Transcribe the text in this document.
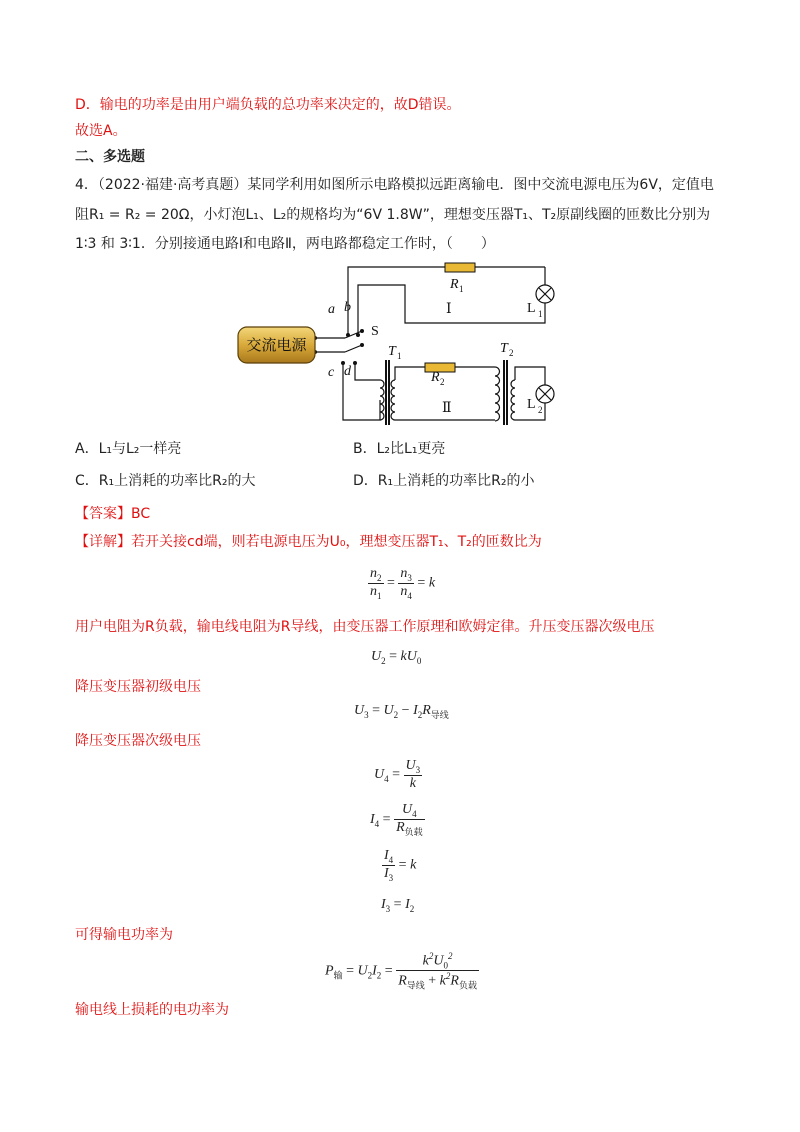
D．输电的功率是由用户端负载的总功率来决定的，故D错误。
故选A。
二、多选题
4．（2022·福建·高考真题）某同学利用如图所示电路模拟远距离输电．图中交流电源电压为6V，定值电
阻R₁ = R₂ = 20Ω，小灯泡L₁、L₂的规格均为“6V 1.8W”，理想变压器T₁、T₂原副线圈的匝数比分别为
1∶3 和 3∶1．分别接通电路Ⅰ和电路Ⅱ，两电路都稳定工作时，（　　）
交流电源
a b
c d
R
R
T	T
1
2
1	2
1
2
S
L
L
Ⅰ
Ⅱ
A．L₁与L₂一样亮	B．L₂比L₁更亮
C．R₁上消耗的功率比R₂的大	D．R₁上消耗的功率比R₂的小
【答案】BC
【详解】若开关接cd端，则若电源电压为U₀，理想变压器T₁、T₂的匝数比为
$\frac{n_2}{n_1} = \frac{n_3}{n_4} = k$
用户电阻为R负载，输电线电阻为R导线，由变压器工作原理和欧姆定律。升压变压器次级电压
$U_2 = kU_0$
降压变压器初级电压
$U_3 = U_2 - I_2R_{导线}$
降压变压器次级电压
$U_4 = \frac{U_3}{k}$
$I_4 = \frac{U_4}{R_{负载}}$
$\frac{I_4}{I_3} = k$
$I_3 = I_2$
可得输电功率为
$P_输 = U_2I_2 = \frac{k^2U_0^2}{R_{导线} + k^2R_{负载}}$
输电线上损耗的电功率为
